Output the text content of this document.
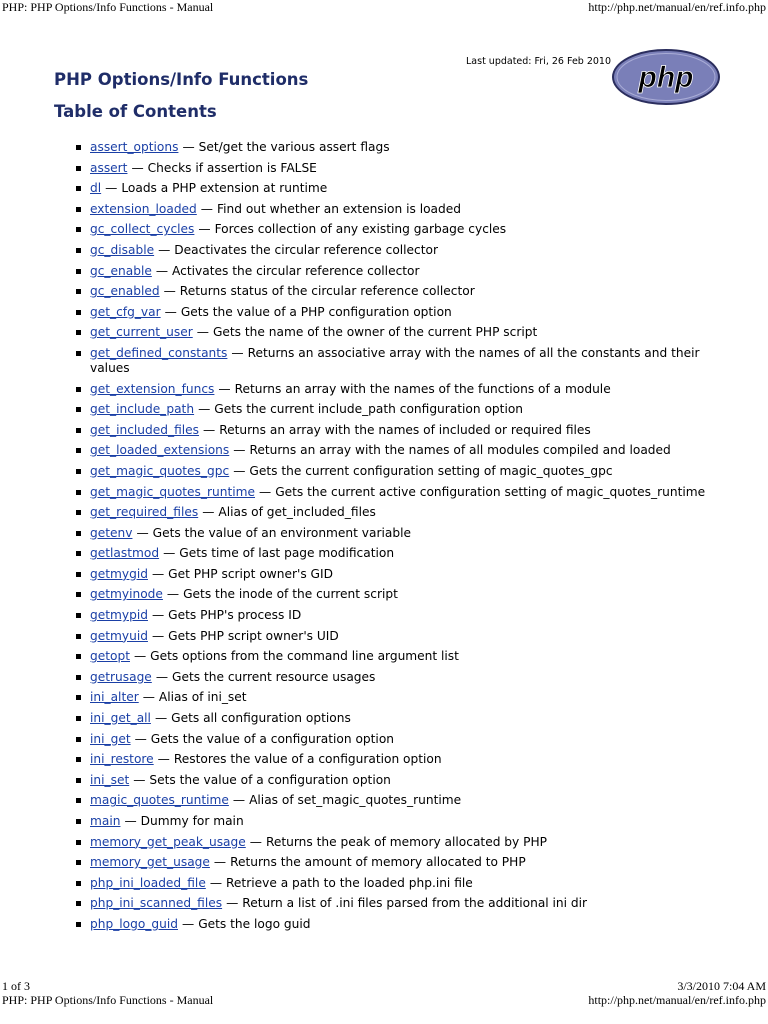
PHP: PHP Options/Info Functions - Manual	http://php.net/manual/en/ref.info.php
Last updated: Fri, 26 Feb 2010 php
PHP Options/Info Functions
Table of Contents
assert_options — Set/get the various assert flags
assert — Checks if assertion is FALSE
dl — Loads a PHP extension at runtime
extension_loaded — Find out whether an extension is loaded
gc_collect_cycles — Forces collection of any existing garbage cycles
gc_disable — Deactivates the circular reference collector
gc_enable — Activates the circular reference collector
gc_enabled — Returns status of the circular reference collector
get_cfg_var — Gets the value of a PHP configuration option
get_current_user — Gets the name of the owner of the current PHP script
get_defined_constants — Returns an associative array with the names of all the constants and their values
get_extension_funcs — Returns an array with the names of the functions of a module
get_include_path — Gets the current include_path configuration option
get_included_files — Returns an array with the names of included or required files
get_loaded_extensions — Returns an array with the names of all modules compiled and loaded
get_magic_quotes_gpc — Gets the current configuration setting of magic_quotes_gpc
get_magic_quotes_runtime — Gets the current active configuration setting of magic_quotes_runtime
get_required_files — Alias of get_included_files
getenv — Gets the value of an environment variable
getlastmod — Gets time of last page modification
getmygid — Get PHP script owner's GID
getmyinode — Gets the inode of the current script
getmypid — Gets PHP's process ID
getmyuid — Gets PHP script owner's UID
getopt — Gets options from the command line argument list
getrusage — Gets the current resource usages
ini_alter — Alias of ini_set
ini_get_all — Gets all configuration options
ini_get — Gets the value of a configuration option
ini_restore — Restores the value of a configuration option
ini_set — Sets the value of a configuration option
magic_quotes_runtime — Alias of set_magic_quotes_runtime
main — Dummy for main
memory_get_peak_usage — Returns the peak of memory allocated by PHP
memory_get_usage — Returns the amount of memory allocated to PHP
php_ini_loaded_file — Retrieve a path to the loaded php.ini file
php_ini_scanned_files — Return a list of .ini files parsed from the additional ini dir
php_logo_guid — Gets the logo guid
1 of 3	3/3/2010 7:04 AM
PHP: PHP Options/Info Functions - Manual	http://php.net/manual/en/ref.info.php
